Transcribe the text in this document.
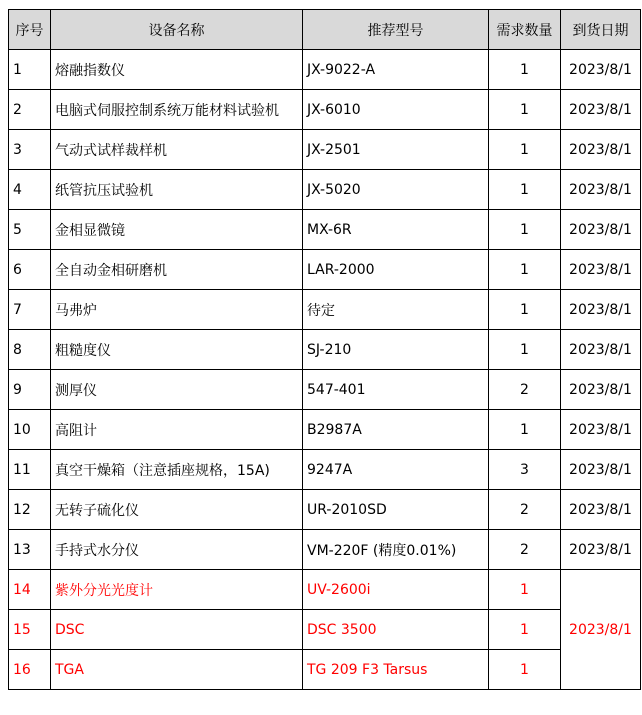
序号	设备名称	推荐型号	需求数量	到货日期
1	熔融指数仪	JX-9022-A	1	2023/8/1
2	电脑式伺服控制系统万能材料试验机	JX-6010	1	2023/8/1
3	气动式试样裁样机	JX-2501	1	2023/8/1
4	纸管抗压试验机	JX-5020	1	2023/8/1
5	金相显微镜	MX-6R	1	2023/8/1
6	全自动金相研磨机	LAR-2000	1	2023/8/1
7	马弗炉	待定	1	2023/8/1
8	粗糙度仪	SJ-210	1	2023/8/1
9	测厚仪	547-401	2	2023/8/1
10	高阻计	B2987A	1	2023/8/1
11	真空干燥箱（注意插座规格，15A)	9247A	3	2023/8/1
12	无转子硫化仪	UR-2010SD	2	2023/8/1
13	手持式水分仪	VM-220F (精度0.01%)	2	2023/8/1
14	紫外分光光度计	UV-2600i	1	2023/8/1
15	DSC	DSC 3500	1	
16	TGA	TG 209 F3 Tarsus	1	
